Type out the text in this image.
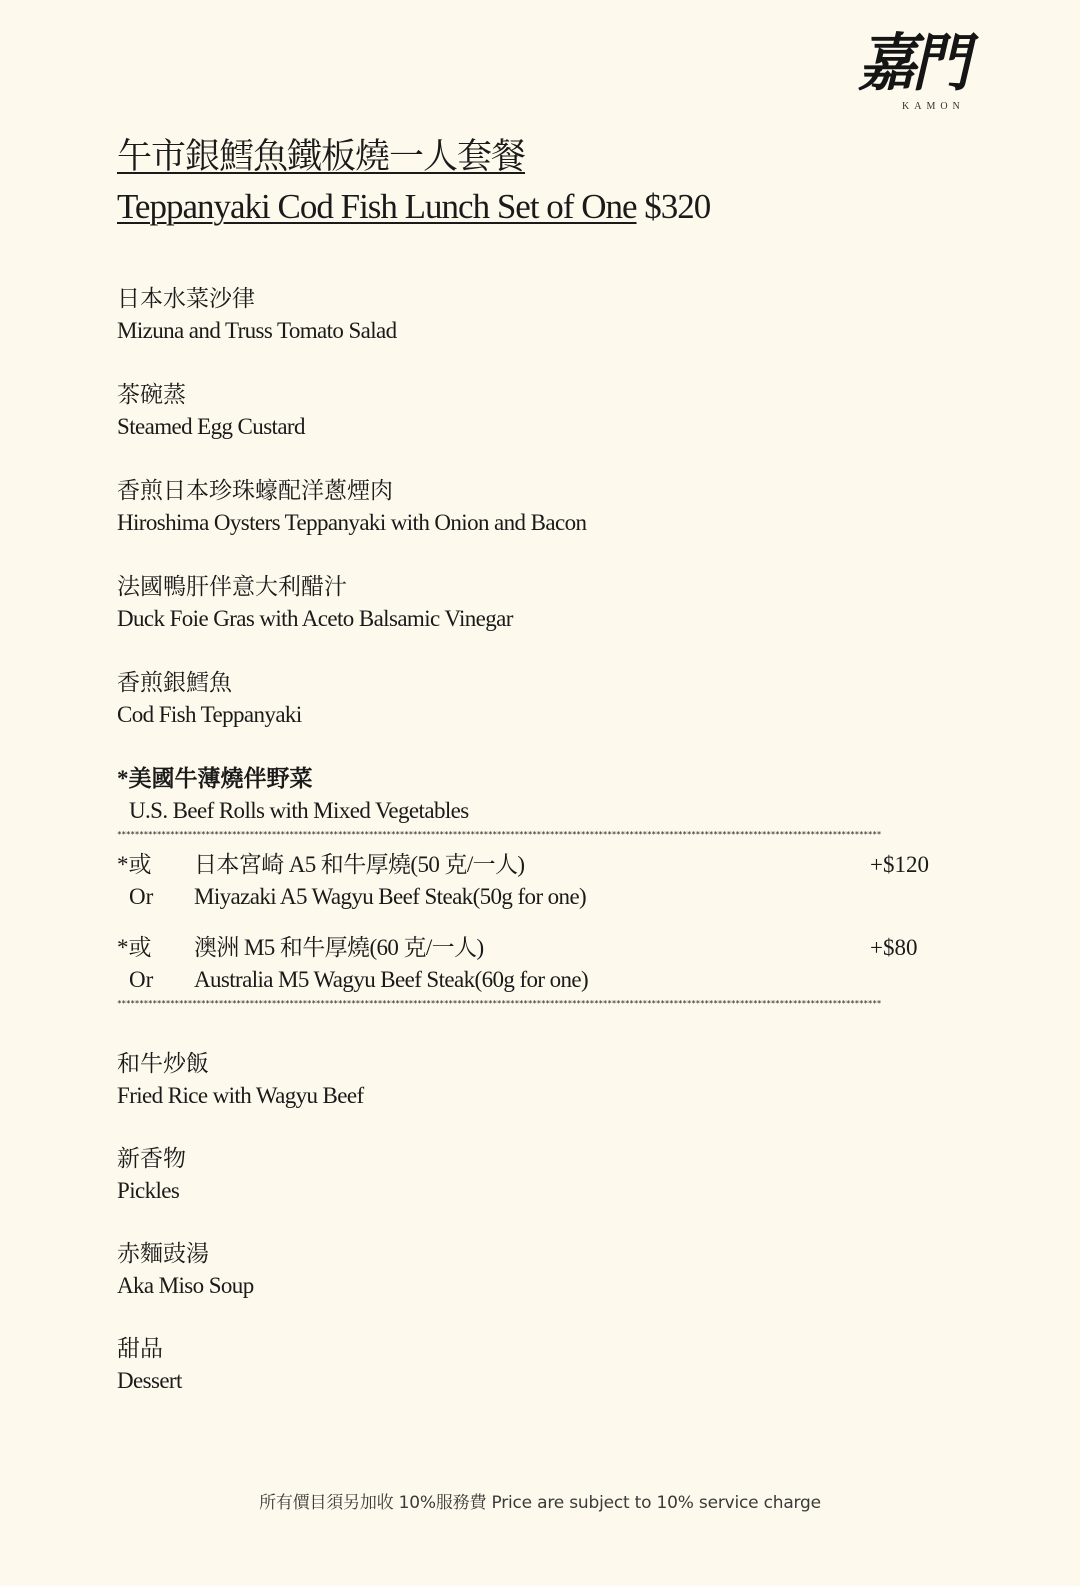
嘉門
KAMON
午市銀鱈魚鐵板燒一人套餐
Teppanyaki Cod Fish Lunch Set of One $320
日本水菜沙律
Mizuna and Truss Tomato Salad
茶碗蒸
Steamed Egg Custard
香煎日本珍珠蠔配洋蔥煙肉
Hiroshima Oysters Teppanyaki with Onion and Bacon
法國鴨肝伴意大利醋汁
Duck Foie Gras with Aceto Balsamic Vinegar
香煎銀鱈魚
Cod Fish Teppanyaki
*美國牛薄燒伴野菜
U.S. Beef Rolls with Mixed Vegetables
*****************************************************************************************************************************************************************************
*或 日本宮崎 A5 和牛厚燒(50 克/一人)	+$120
Or Miyazaki A5 Wagyu Beef Steak(50g for one)
*或 澳洲 M5 和牛厚燒(60 克/一人)	+$80
Or Australia M5 Wagyu Beef Steak(60g for one)
*****************************************************************************************************************************************************************************
和牛炒飯
Fried Rice with Wagyu Beef
新香物
Pickles
赤麵豉湯
Aka Miso Soup
甜品
Dessert
所有價目須另加收 10%服務費 Price are subject to 10% service charge
